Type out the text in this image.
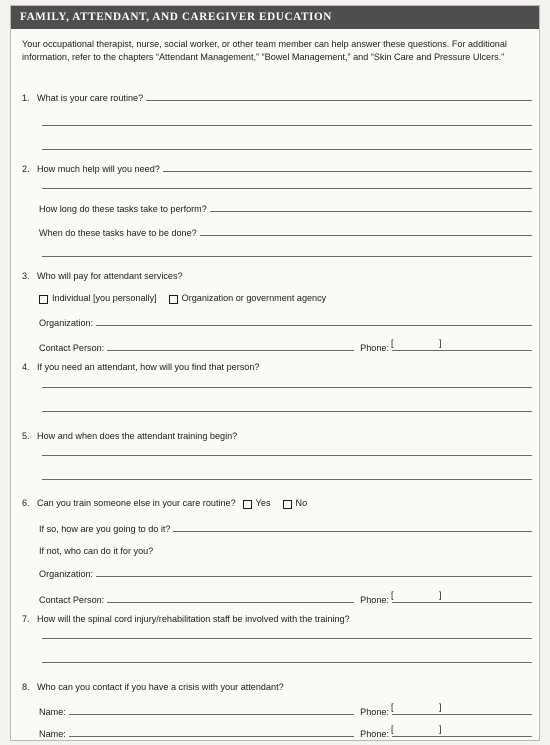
FAMILY, ATTENDANT, AND CAREGIVER EDUCATION
Your occupational therapist, nurse, social worker, or other team member can help answer these questions. For additional information, refer to the chapters “Attendant Management,” “Bowel Management,” and “Skin Care and Pressure Ulcers.”
1. What is your care routine?
2. How much help will you need?
How long do these tasks take to perform?
When do these tasks have to be done?
3. Who will pay for attendant services?
Individual [you personally]	Organization or government agency
Organization:
Contact Person:	Phone:
[ ]
4. If you need an attendant, how will you find that person?
5. How and when does the attendant training begin?
6. Can you train someone else in your care routine? Yes	No
If so, how are you going to do it?
If not, who can do it for you?
Organization:
Contact Person:	Phone:
[ ]
7. How will the spinal cord injury/rehabilitation staff be involved with the training?
8. Who can you contact if you have a crisis with your attendant?
Name:	Phone:
[ ]
Name:	Phone:
[ ]
